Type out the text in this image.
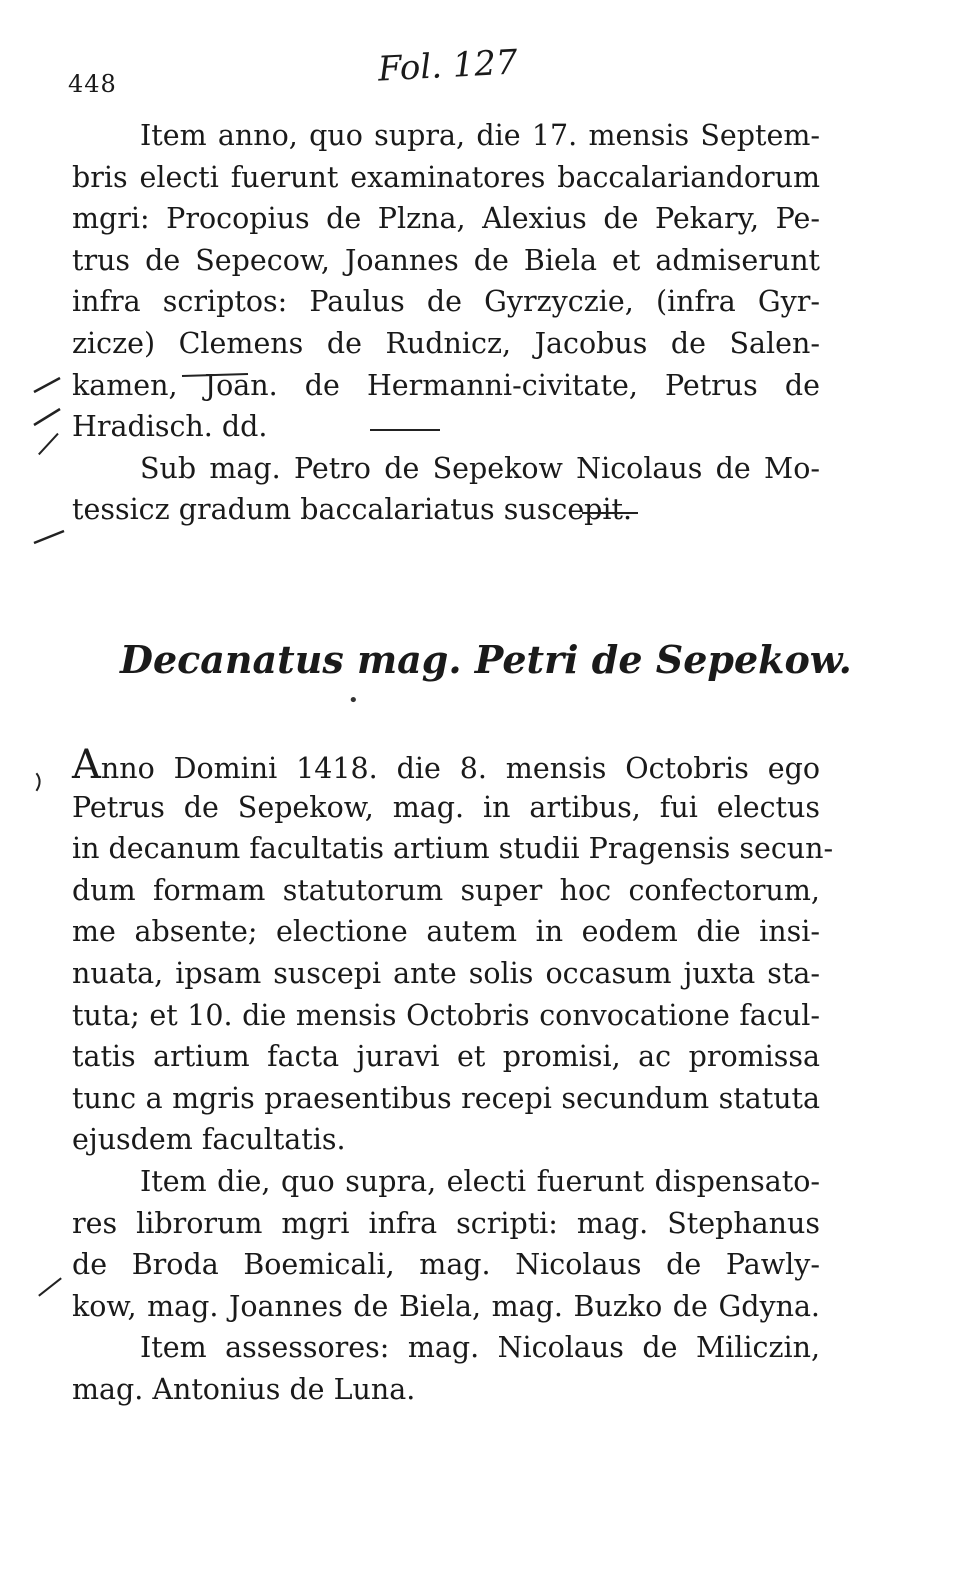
448	Fol. 127
Item anno, quo supra, die 17. mensis Septem-
bris electi fuerunt examinatores baccalariandorum
mgri: Procopius de Plzna, Alexius de Pekary, Pe-
trus de Sepecow, Joannes de Biela et admiserunt
infra scriptos: Paulus de Gyrzyczie, (infra Gyr-
zicze) Clemens de Rudnicz, Jacobus de Salen-
kamen, Joan. de Hermanni-civitate, Petrus de
Hradisch. dd.
Sub mag. Petro de Sepekow Nicolaus de Mo-
tessicz gradum baccalariatus suscepit.
Decanatus mag. Petri de Sepekow.
•
Anno Domini 1418. die 8. mensis Octobris ego
Petrus de Sepekow, mag. in artibus, fui electus
in decanum facultatis artium studii Pragensis secun-
dum formam statutorum super hoc confectorum,
me absente; electione autem in eodem die insi-
nuata, ipsam suscepi ante solis occasum juxta sta-
tuta; et 10. die mensis Octobris convocatione facul-
tatis artium facta juravi et promisi, ac promissa
tunc a mgris praesentibus recepi secundum statuta
ejusdem facultatis.
Item die, quo supra, electi fuerunt dispensato-
res librorum mgri infra scripti: mag. Stephanus
de Broda Boemicali, mag. Nicolaus de Pawly-
kow, mag. Joannes de Biela, mag. Buzko de Gdyna.
Item assessores: mag. Nicolaus de Miliczin,
mag. Antonius de Luna.
